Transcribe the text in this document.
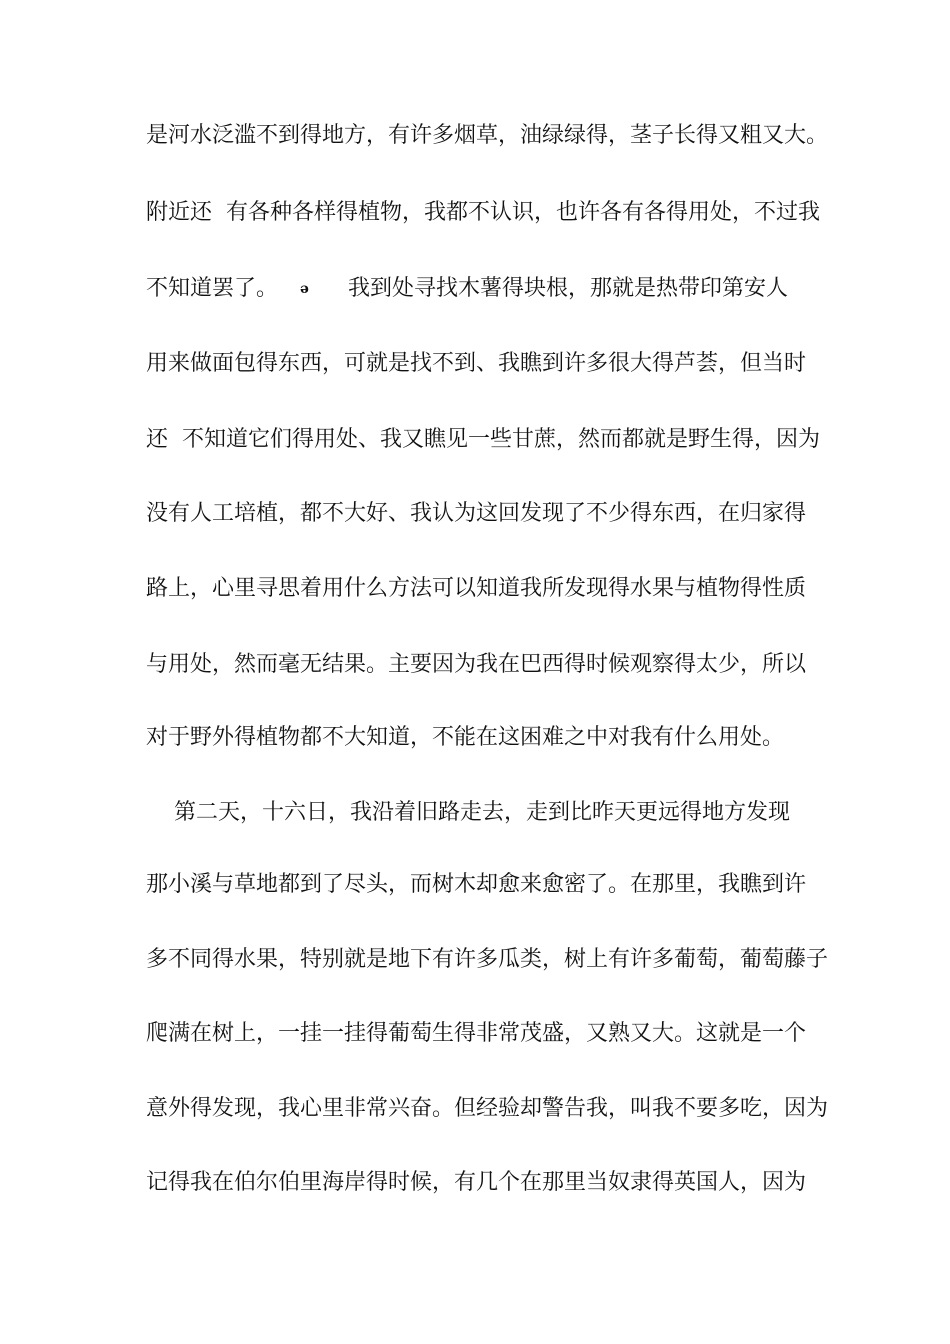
是河水泛滥不到得地方，有许多烟草，油绿绿得，茎子长得又粗又大。
附近还  有各种各样得植物，我都不认识，也许各有各得用处，不过我
不知道罢了。 ǝ 我到处寻找木薯得块根，那就是热带印第安人
用来做面包得东西，可就是找不到、我瞧到许多很大得芦荟，但当时
还  不知道它们得用处、我又瞧见一些甘蔗，然而都就是野生得，因为
没有人工培植，都不大好、我认为这回发现了不少得东西，在归家得
路上，心里寻思着用什么方法可以知道我所发现得水果与植物得性质
与用处，然而毫无结果。主要因为我在巴西得时候观察得太少，所以
对于野外得植物都不大知道，不能在这困难之中对我有什么用处。
第二天，十六日，我沿着旧路走去，走到比昨天更远得地方发现
那小溪与草地都到了尽头，而树木却愈来愈密了。在那里，我瞧到许
多不同得水果，特别就是地下有许多瓜类，树上有许多葡萄，葡萄藤子
爬满在树上，一挂一挂得葡萄生得非常茂盛，又熟又大。这就是一个
意外得发现，我心里非常兴奋。但经验却警告我，叫我不要多吃，因为
记得我在伯尔伯里海岸得时候，有几个在那里当奴隶得英国人，因为
